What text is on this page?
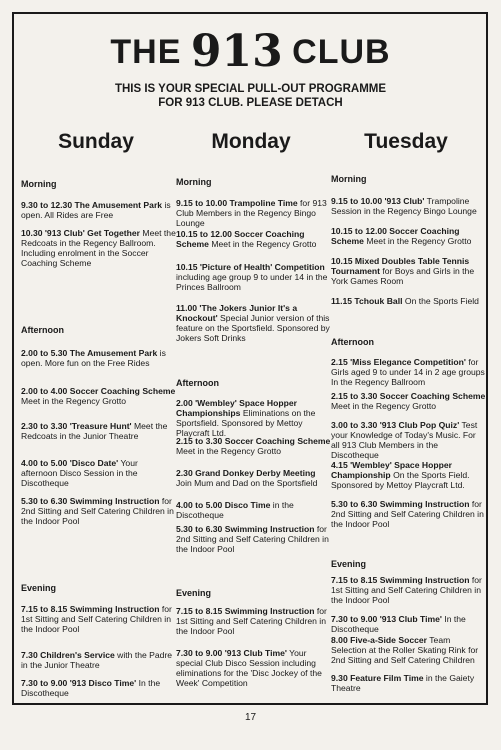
THE 913 CLUB
THIS IS YOUR SPECIAL PULL-OUT PROGRAMME
FOR 913 CLUB. PLEASE DETACH
Sunday	Monday	Tuesday
Morning
9.30 to 12.30 The Amusement Park is open. All Rides are Free
10.30 '913 Club' Get Together Meet the Redcoats in the Regency Ballroom. Including enrolment in the Soccer Coaching Scheme
Afternoon
2.00 to 5.30 The Amusement Park is open. More fun on the Free Rides
2.00 to 4.00 Soccer Coaching Scheme Meet in the Regency Grotto
2.30 to 3.30 'Treasure Hunt' Meet the Redcoats in the Junior Theatre
4.00 to 5.00 'Disco Date' Your afternoon Disco Session in the Discotheque
5.30 to 6.30 Swimming Instruction for 2nd Sitting and Self Catering Children in the Indoor Pool
Evening
7.15 to 8.15 Swimming Instruction for 1st Sitting and Self Catering Children in the Indoor Pool
7.30 Children's Service with the Padre in the Junior Theatre
7.30 to 9.00 '913 Disco Time' In the Discotheque
Morning
9.15 to 10.00 Trampoline Time for 913 Club Members in the Regency Bingo Lounge
10.15 to 12.00 Soccer Coaching Scheme Meet in the Regency Grotto
10.15 'Picture of Health' Competition including age group 9 to under 14 in the Princes Ballroom
11.00 'The Jokers Junior It's a Knockout' Special Junior version of this feature on the Sportsfield. Sponsored by Jokers Soft Drinks
Afternoon
2.00 'Wembley' Space Hopper Championships Eliminations on the Sportsfield. Sponsored by Mettoy Playcraft Ltd.
2.15 to 3.30 Soccer Coaching Scheme Meet in the Regency Grotto
2.30 Grand Donkey Derby Meeting Join Mum and Dad on the Sportsfield
4.00 to 5.00 Disco Time in the Discotheque
5.30 to 6.30 Swimming Instruction for 2nd Sitting and Self Catering Children in the Indoor Pool
Evening
7.15 to 8.15 Swimming Instruction for 1st Sitting and Self Catering Children in the Indoor Pool
7.30 to 9.00 '913 Club Time' Your special Club Disco Session including eliminations for the 'Disc Jockey of the Week' Competition
Morning
9.15 to 10.00 '913 Club' Trampoline Session in the Regency Bingo Lounge
10.15 to 12.00 Soccer Coaching Scheme Meet in the Regency Grotto
10.15 Mixed Doubles Table Tennis Tournament for Boys and Girls in the York Games Room
11.15 Tchouk Ball On the Sports Field
Afternoon
2.15 'Miss Elegance Competition' for Girls aged 9 to under 14 in 2 age groups In the Regency Ballroom
2.15 to 3.30 Soccer Coaching Scheme Meet in the Regency Grotto
3.00 to 3.30 '913 Club Pop Quiz' Test your Knowledge of Today's Music. For all 913 Club Members in the Discotheque
4.15 'Wembley' Space Hopper Championship On the Sports Field. Sponsored by Mettoy Playcraft Ltd.
5.30 to 6.30 Swimming Instruction for 2nd Sitting and Self Catering Children in the Indoor Pool
Evening
7.15 to 8.15 Swimming Instruction for 1st Sitting and Self Catering Children in the Indoor Pool
7.30 to 9.00 '913 Club Time' In the Discotheque
8.00 Five-a-Side Soccer Team Selection at the Roller Skating Rink for 2nd Sitting and Self Catering Children
9.30 Feature Film Time in the Gaiety Theatre
17
